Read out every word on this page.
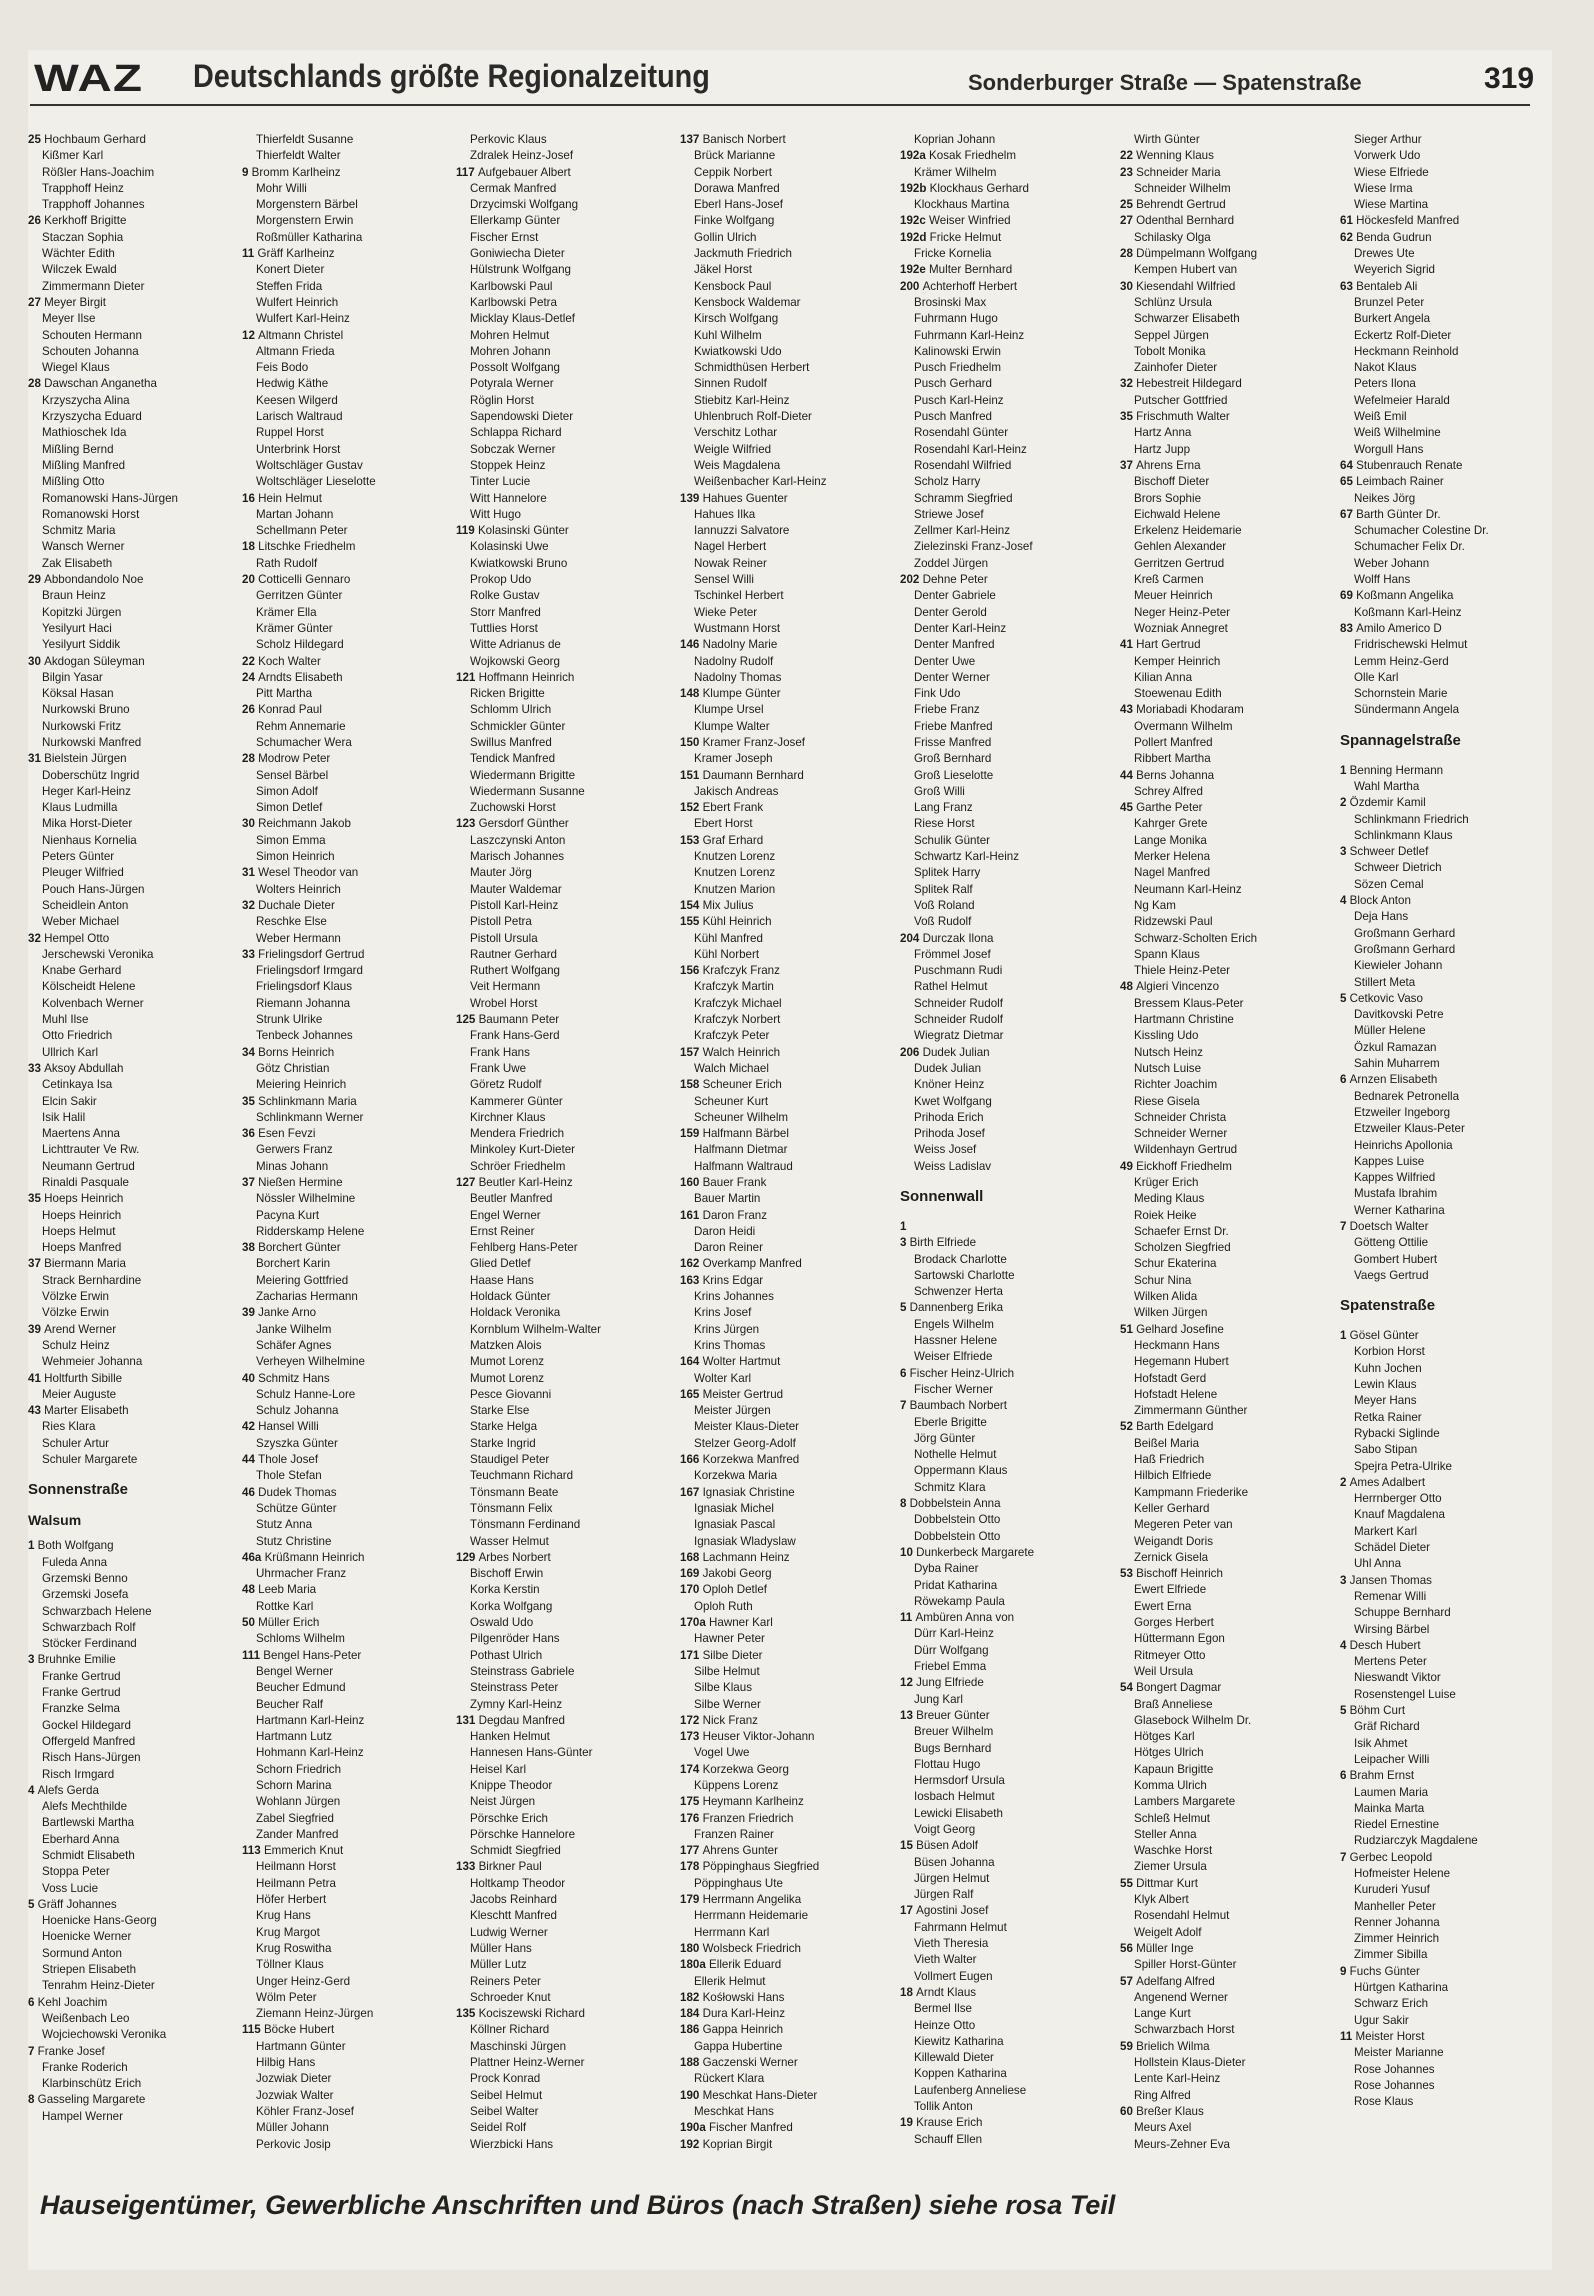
WAZ Deutschlands größte Regionalzeitung	Sonderburger Straße — Spatenstraße	319
25 Hochbaum Gerhard
Kißmer Karl
Rößler Hans-Joachim
Trapphoff Heinz
Trapphoff Johannes
26 Kerkhoff Brigitte
Staczan Sophia
Wächter Edith
Wilczek Ewald
Zimmermann Dieter
27 Meyer Birgit
Meyer Ilse
Schouten Hermann
Schouten Johanna
Wiegel Klaus
28 Dawschan Anganetha
Krzyszycha Alina
Krzyszycha Eduard
Mathioschek Ida
Mißling Bernd
Mißling Manfred
Mißling Otto
Romanowski Hans-Jürgen
Romanowski Horst
Schmitz Maria
Wansch Werner
Zak Elisabeth
29 Abbondandolo Noe
Braun Heinz
Kopitzki Jürgen
Yesilyurt Haci
Yesilyurt Siddik
30 Akdogan Süleyman
Bilgin Yasar
Köksal Hasan
Nurkowski Bruno
Nurkowski Fritz
Nurkowski Manfred
31 Bielstein Jürgen
Doberschütz Ingrid
Heger Karl-Heinz
Klaus Ludmilla
Mika Horst-Dieter
Nienhaus Kornelia
Peters Günter
Pleuger Wilfried
Pouch Hans-Jürgen
Scheidlein Anton
Weber Michael
32 Hempel Otto
Jerschewski Veronika
Knabe Gerhard
Kölscheidt Helene
Kolvenbach Werner
Muhl Ilse
Otto Friedrich
Ullrich Karl
33 Aksoy Abdullah
Cetinkaya Isa
Elcin Sakir
Isik Halil
Maertens Anna
Lichttrauter Ve Rw.
Neumann Gertrud
Rinaldi Pasquale
35 Hoeps Heinrich
Hoeps Heinrich
Hoeps Helmut
Hoeps Manfred
37 Biermann Maria
Strack Bernhardine
Völzke Erwin
Völzke Erwin
39 Arend Werner
Schulz Heinz
Wehmeier Johanna
41 Holtfurth Sibille
Meier Auguste
43 Marter Elisabeth
Ries Klara
Schuler Artur
Schuler Margarete
Sonnenstraße
Walsum
1 Both Wolfgang
Fuleda Anna
Grzemski Benno
Grzemski Josefa
Schwarzbach Helene
Schwarzbach Rolf
Stöcker Ferdinand
3 Bruhnke Emilie
Franke Gertrud
Franke Gertrud
Franzke Selma
Gockel Hildegard
Offergeld Manfred
Risch Hans-Jürgen
Risch Irmgard
4 Alefs Gerda
Alefs Mechthilde
Bartlewski Martha
Eberhard Anna
Schmidt Elisabeth
Stoppa Peter
Voss Lucie
5 Gräff Johannes
Hoenicke Hans-Georg
Hoenicke Werner
Sormund Anton
Striepen Elisabeth
Tenrahm Heinz-Dieter
6 Kehl Joachim
Weißenbach Leo
Wojciechowski Veronika
7 Franke Josef
Franke Roderich
Klarbinschütz Erich
8 Gasseling Margarete
Hampel Werner
Thierfeldt Susanne
Thierfeldt Walter
9 Bromm Karlheinz
Mohr Willi
Morgenstern Bärbel
Morgenstern Erwin
Roßmüller Katharina
11 Gräff Karlheinz
Konert Dieter
Steffen Frida
Wulfert Heinrich
Wulfert Karl-Heinz
12 Altmann Christel
Altmann Frieda
Feis Bodo
Hedwig Käthe
Keesen Wilgerd
Larisch Waltraud
Ruppel Horst
Unterbrink Horst
Woltschläger Gustav
Woltschläger Lieselotte
16 Hein Helmut
Martan Johann
Schellmann Peter
18 Litschke Friedhelm
Rath Rudolf
20 Cotticelli Gennaro
Gerritzen Günter
Krämer Ella
Krämer Günter
Scholz Hildegard
22 Koch Walter
24 Arndts Elisabeth
Pitt Martha
26 Konrad Paul
Rehm Annemarie
Schumacher Wera
28 Modrow Peter
Sensel Bärbel
Simon Adolf
Simon Detlef
30 Reichmann Jakob
Simon Emma
Simon Heinrich
31 Wesel Theodor van
Wolters Heinrich
32 Duchale Dieter
Reschke Else
Weber Hermann
33 Frielingsdorf Gertrud
Frielingsdorf Irmgard
Frielingsdorf Klaus
Riemann Johanna
Strunk Ulrike
Tenbeck Johannes
34 Borns Heinrich
Götz Christian
Meiering Heinrich
35 Schlinkmann Maria
Schlinkmann Werner
36 Esen Fevzi
Gerwers Franz
Minas Johann
37 Nießen Hermine
Nössler Wilhelmine
Pacyna Kurt
Ridderskamp Helene
38 Borchert Günter
Borchert Karin
Meiering Gottfried
Zacharias Hermann
39 Janke Arno
Janke Wilhelm
Schäfer Agnes
Verheyen Wilhelmine
40 Schmitz Hans
Schulz Hanne-Lore
Schulz Johanna
42 Hansel Willi
Szyszka Günter
44 Thole Josef
Thole Stefan
46 Dudek Thomas
Schütze Günter
Stutz Anna
Stutz Christine
46a Krüßmann Heinrich
Uhrmacher Franz
48 Leeb Maria
Rottke Karl
50 Müller Erich
Schloms Wilhelm
111 Bengel Hans-Peter
Bengel Werner
Beucher Edmund
Beucher Ralf
Hartmann Karl-Heinz
Hartmann Lutz
Hohmann Karl-Heinz
Schorn Friedrich
Schorn Marina
Wohlann Jürgen
Zabel Siegfried
Zander Manfred
113 Emmerich Knut
Heilmann Horst
Heilmann Petra
Höfer Herbert
Krug Hans
Krug Margot
Krug Roswitha
Töllner Klaus
Unger Heinz-Gerd
Wölm Peter
Ziemann Heinz-Jürgen
115 Böcke Hubert
Hartmann Günter
Hilbig Hans
Jozwiak Dieter
Jozwiak Walter
Köhler Franz-Josef
Müller Johann
Perkovic Josip
Perkovic Klaus
Zdralek Heinz-Josef
117 Aufgebauer Albert
Cermak Manfred
Drzycimski Wolfgang
Ellerkamp Günter
Fischer Ernst
Goniwiecha Dieter
Hülstrunk Wolfgang
Karlbowski Paul
Karlbowski Petra
Micklay Klaus-Detlef
Mohren Helmut
Mohren Johann
Possolt Wolfgang
Potyrala Werner
Röglin Horst
Sapendowski Dieter
Schlappa Richard
Sobczak Werner
Stoppek Heinz
Tinter Lucie
Witt Hannelore
Witt Hugo
119 Kolasinski Günter
Kolasinski Uwe
Kwiatkowski Bruno
Prokop Udo
Rolke Gustav
Storr Manfred
Tuttlies Horst
Witte Adrianus de
Wojkowski Georg
121 Hoffmann Heinrich
Ricken Brigitte
Schlomm Ulrich
Schmickler Günter
Swillus Manfred
Tendick Manfred
Wiedermann Brigitte
Wiedermann Susanne
Zuchowski Horst
123 Gersdorf Günther
Laszczynski Anton
Marisch Johannes
Mauter Jörg
Mauter Waldemar
Pistoll Karl-Heinz
Pistoll Petra
Pistoll Ursula
Rautner Gerhard
Ruthert Wolfgang
Veit Hermann
Wrobel Horst
125 Baumann Peter
Frank Hans-Gerd
Frank Hans
Frank Uwe
Göretz Rudolf
Kammerer Günter
Kirchner Klaus
Mendera Friedrich
Minkoley Kurt-Dieter
Schröer Friedhelm
127 Beutler Karl-Heinz
Beutler Manfred
Engel Werner
Ernst Reiner
Fehlberg Hans-Peter
Glied Detlef
Haase Hans
Holdack Günter
Holdack Veronika
Kornblum Wilhelm-Walter
Matzken Alois
Mumot Lorenz
Mumot Lorenz
Pesce Giovanni
Starke Else
Starke Helga
Starke Ingrid
Staudigel Peter
Teuchmann Richard
Tönsmann Beate
Tönsmann Felix
Tönsmann Ferdinand
Wasser Helmut
129 Arbes Norbert
Bischoff Erwin
Korka Kerstin
Korka Wolfgang
Oswald Udo
Pilgenröder Hans
Pothast Ulrich
Steinstrass Gabriele
Steinstrass Peter
Zymny Karl-Heinz
131 Degdau Manfred
Hanken Helmut
Hannesen Hans-Günter
Heisel Karl
Knippe Theodor
Neist Jürgen
Pörschke Erich
Pörschke Hannelore
Schmidt Siegfried
133 Birkner Paul
Holtkamp Theodor
Jacobs Reinhard
Kleschtt Manfred
Ludwig Werner
Müller Hans
Müller Lutz
Reiners Peter
Schroeder Knut
135 Kociszewski Richard
Köllner Richard
Maschinski Jürgen
Plattner Heinz-Werner
Prock Konrad
Seibel Helmut
Seibel Walter
Seidel Rolf
Wierzbicki Hans
137 Banisch Norbert
Brück Marianne
Ceppik Norbert
Dorawa Manfred
Eberl Hans-Josef
Finke Wolfgang
Gollin Ulrich
Jackmuth Friedrich
Jäkel Horst
Kensbock Paul
Kensbock Waldemar
Kirsch Wolfgang
Kuhl Wilhelm
Kwiatkowski Udo
Schmidthüsen Herbert
Sinnen Rudolf
Stiebitz Karl-Heinz
Uhlenbruch Rolf-Dieter
Verschitz Lothar
Weigle Wilfried
Weis Magdalena
Weißenbacher Karl-Heinz
139 Hahues Guenter
Hahues Ilka
Iannuzzi Salvatore
Nagel Herbert
Nowak Reiner
Sensel Willi
Tschinkel Herbert
Wieke Peter
Wustmann Horst
146 Nadolny Marie
Nadolny Rudolf
Nadolny Thomas
148 Klumpe Günter
Klumpe Ursel
Klumpe Walter
150 Kramer Franz-Josef
Kramer Joseph
151 Daumann Bernhard
Jakisch Andreas
152 Ebert Frank
Ebert Horst
153 Graf Erhard
Knutzen Lorenz
Knutzen Lorenz
Knutzen Marion
154 Mix Julius
155 Kühl Heinrich
Kühl Manfred
Kühl Norbert
156 Krafczyk Franz
Krafczyk Martin
Krafczyk Michael
Krafczyk Norbert
Krafczyk Peter
157 Walch Heinrich
Walch Michael
158 Scheuner Erich
Scheuner Kurt
Scheuner Wilhelm
159 Halfmann Bärbel
Halfmann Dietmar
Halfmann Waltraud
160 Bauer Frank
Bauer Martin
161 Daron Franz
Daron Heidi
Daron Reiner
162 Overkamp Manfred
163 Krins Edgar
Krins Johannes
Krins Josef
Krins Jürgen
Krins Thomas
164 Wolter Hartmut
Wolter Karl
165 Meister Gertrud
Meister Jürgen
Meister Klaus-Dieter
Stelzer Georg-Adolf
166 Korzekwa Manfred
Korzekwa Maria
167 Ignasiak Christine
Ignasiak Michel
Ignasiak Pascal
Ignasiak Wladyslaw
168 Lachmann Heinz
169 Jakobi Georg
170 Oploh Detlef
Oploh Ruth
170a Hawner Karl
Hawner Peter
171 Silbe Dieter
Silbe Helmut
Silbe Klaus
Silbe Werner
172 Nick Franz
173 Heuser Viktor-Johann
Vogel Uwe
174 Korzekwa Georg
Küppens Lorenz
175 Heymann Karlheinz
176 Franzen Friedrich
Franzen Rainer
177 Ahrens Gunter
178 Pöppinghaus Siegfried
Pöppinghaus Ute
179 Herrmann Angelika
Herrmann Heidemarie
Herrmann Karl
180 Wolsbeck Friedrich
180a Ellerik Eduard
Ellerik Helmut
182 Kośłowski Hans
184 Dura Karl-Heinz
186 Gappa Heinrich
Gappa Hubertine
188 Gaczenski Werner
Rückert Klara
190 Meschkat Hans-Dieter
Meschkat Hans
190a Fischer Manfred
192 Koprian Birgit
Koprian Johann
192a Kosak Friedhelm
Krämer Wilhelm
192b Klockhaus Gerhard
Klockhaus Martina
192c Weiser Winfried
192d Fricke Helmut
Fricke Kornelia
192e Multer Bernhard
200 Achterhoff Herbert
Brosinski Max
Fuhrmann Hugo
Fuhrmann Karl-Heinz
Kalinowski Erwin
Pusch Friedhelm
Pusch Gerhard
Pusch Karl-Heinz
Pusch Manfred
Rosendahl Günter
Rosendahl Karl-Heinz
Rosendahl Wilfried
Scholz Harry
Schramm Siegfried
Striewe Josef
Zellmer Karl-Heinz
Zielezinski Franz-Josef
Zoddel Jürgen
202 Dehne Peter
Denter Gabriele
Denter Gerold
Denter Karl-Heinz
Denter Manfred
Denter Uwe
Denter Werner
Fink Udo
Friebe Franz
Friebe Manfred
Frisse Manfred
Groß Bernhard
Groß Lieselotte
Groß Willi
Lang Franz
Riese Horst
Schulik Günter
Schwartz Karl-Heinz
Splitek Harry
Splitek Ralf
Voß Roland
Voß Rudolf
204 Durczak Ilona
Frömmel Josef
Puschmann Rudi
Rathel Helmut
Schneider Rudolf
Schneider Rudolf
Wiegratz Dietmar
206 Dudek Julian
Dudek Julian
Knöner Heinz
Kwet Wolfgang
Prihoda Erich
Prihoda Josef
Weiss Josef
Weiss Ladislav
Sonnenwall
1
3 Birth Elfriede
Brodack Charlotte
Sartowski Charlotte
Schwenzer Herta
5 Dannenberg Erika
Engels Wilhelm
Hassner Helene
Weiser Elfriede
6 Fischer Heinz-Ulrich
Fischer Werner
7 Baumbach Norbert
Eberle Brigitte
Jörg Günter
Nothelle Helmut
Oppermann Klaus
Schmitz Klara
8 Dobbelstein Anna
Dobbelstein Otto
Dobbelstein Otto
10 Dunkerbeck Margarete
Dyba Rainer
Pridat Katharina
Röwekamp Paula
11 Ambüren Anna von
Dürr Karl-Heinz
Dürr Wolfgang
Friebel Emma
12 Jung Elfriede
Jung Karl
13 Breuer Günter
Breuer Wilhelm
Bugs Bernhard
Flottau Hugo
Hermsdorf Ursula
Iosbach Helmut
Lewicki Elisabeth
Voigt Georg
15 Büsen Adolf
Büsen Johanna
Jürgen Helmut
Jürgen Ralf
17 Agostini Josef
Fahrmann Helmut
Vieth Theresia
Vieth Walter
Vollmert Eugen
18 Arndt Klaus
Bermel Ilse
Heinze Otto
Kiewitz Katharina
Killewald Dieter
Koppen Katharina
Laufenberg Anneliese
Tollik Anton
19 Krause Erich
Schauff Ellen
Wirth Günter
22 Wenning Klaus
23 Schneider Maria
Schneider Wilhelm
25 Behrendt Gertrud
27 Odenthal Bernhard
Schilasky Olga
28 Dümpelmann Wolfgang
Kempen Hubert van
30 Kiesendahl Wilfried
Schlünz Ursula
Schwarzer Elisabeth
Seppel Jürgen
Tobolt Monika
Zainhofer Dieter
32 Hebestreit Hildegard
Putscher Gottfried
35 Frischmuth Walter
Hartz Anna
Hartz Jupp
37 Ahrens Erna
Bischoff Dieter
Brors Sophie
Eichwald Helene
Erkelenz Heidemarie
Gehlen Alexander
Gerritzen Gertrud
Kreß Carmen
Meuer Heinrich
Neger Heinz-Peter
Wozniak Annegret
41 Hart Gertrud
Kemper Heinrich
Kilian Anna
Stoewenau Edith
43 Moriabadi Khodaram
Overmann Wilhelm
Pollert Manfred
Ribbert Martha
44 Berns Johanna
Schrey Alfred
45 Garthe Peter
Kahrger Grete
Lange Monika
Merker Helena
Nagel Manfred
Neumann Karl-Heinz
Ng Kam
Ridzewski Paul
Schwarz-Scholten Erich
Spann Klaus
Thiele Heinz-Peter
48 Algieri Vincenzo
Bressem Klaus-Peter
Hartmann Christine
Kissling Udo
Nutsch Heinz
Nutsch Luise
Richter Joachim
Riese Gisela
Schneider Christa
Schneider Werner
Wildenhayn Gertrud
49 Eickhoff Friedhelm
Krüger Erich
Meding Klaus
Roiek Heike
Schaefer Ernst Dr.
Scholzen Siegfried
Schur Ekaterina
Schur Nina
Wilken Alida
Wilken Jürgen
51 Gelhard Josefine
Heckmann Hans
Hegemann Hubert
Hofstadt Gerd
Hofstadt Helene
Zimmermann Günther
52 Barth Edelgard
Beißel Maria
Haß Friedrich
Hilbich Elfriede
Kampmann Friederike
Keller Gerhard
Megeren Peter van
Weigandt Doris
Zernick Gisela
53 Bischoff Heinrich
Ewert Elfriede
Ewert Erna
Gorges Herbert
Hüttermann Egon
Ritmeyer Otto
Weil Ursula
54 Bongert Dagmar
Braß Anneliese
Glasebock Wilhelm Dr.
Hötges Karl
Hötges Ulrich
Kapaun Brigitte
Komma Ulrich
Lambers Margarete
Schleß Helmut
Steller Anna
Waschke Horst
Ziemer Ursula
55 Dittmar Kurt
Klyk Albert
Rosendahl Helmut
Weigelt Adolf
56 Müller Inge
Spiller Horst-Günter
57 Adelfang Alfred
Angenend Werner
Lange Kurt
Schwarzbach Horst
59 Brielich Wilma
Hollstein Klaus-Dieter
Lente Karl-Heinz
Ring Alfred
60 Breßer Klaus
Meurs Axel
Meurs-Zehner Eva
Sieger Arthur
Vorwerk Udo
Wiese Elfriede
Wiese Irma
Wiese Martina
61 Höckesfeld Manfred
62 Benda Gudrun
Drewes Ute
Weyerich Sigrid
63 Bentaleb Ali
Brunzel Peter
Burkert Angela
Eckertz Rolf-Dieter
Heckmann Reinhold
Nakot Klaus
Peters Ilona
Wefelmeier Harald
Weiß Emil
Weiß Wilhelmine
Worgull Hans
64 Stubenrauch Renate
65 Leimbach Rainer
Neikes Jörg
67 Barth Günter Dr.
Schumacher Colestine Dr.
Schumacher Felix Dr.
Weber Johann
Wolff Hans
69 Koßmann Angelika
Koßmann Karl-Heinz
83 Amilo Americo D
Fridrischewski Helmut
Lemm Heinz-Gerd
Olle Karl
Schornstein Marie
Sündermann Angela
Spannagelstraße
1 Benning Hermann
Wahl Martha
2 Özdemir Kamil
Schlinkmann Friedrich
Schlinkmann Klaus
3 Schweer Detlef
Schweer Dietrich
Sözen Cemal
4 Block Anton
Deja Hans
Großmann Gerhard
Großmann Gerhard
Kiewieler Johann
Stillert Meta
5 Cetkovic Vaso
Davitkovski Petre
Müller Helene
Özkul Ramazan
Sahin Muharrem
6 Arnzen Elisabeth
Bednarek Petronella
Etzweiler Ingeborg
Etzweiler Klaus-Peter
Heinrichs Apollonia
Kappes Luise
Kappes Wilfried
Mustafa Ibrahim
Werner Katharina
7 Doetsch Walter
Götteng Ottilie
Gombert Hubert
Vaegs Gertrud
Spatenstraße
1 Gösel Günter
Korbion Horst
Kuhn Jochen
Lewin Klaus
Meyer Hans
Retka Rainer
Rybacki Siglinde
Sabo Stipan
Spejra Petra-Ulrike
2 Ames Adalbert
Herrnberger Otto
Knauf Magdalena
Markert Karl
Schädel Dieter
Uhl Anna
3 Jansen Thomas
Remenar Willi
Schuppe Bernhard
Wirsing Bärbel
4 Desch Hubert
Mertens Peter
Nieswandt Viktor
Rosenstengel Luise
5 Böhm Curt
Gräf Richard
Isik Ahmet
Leipacher Willi
6 Brahm Ernst
Laumen Maria
Mainka Marta
Riedel Ernestine
Rudziarczyk Magdalene
7 Gerbec Leopold
Hofmeister Helene
Kuruderi Yusuf
Manheller Peter
Renner Johanna
Zimmer Heinrich
Zimmer Sibilla
9 Fuchs Günter
Hürtgen Katharina
Schwarz Erich
Ugur Sakir
11 Meister Horst
Meister Marianne
Rose Johannes
Rose Johannes
Rose Klaus
Hauseigentümer, Gewerbliche Anschriften und Büros (nach Straßen) siehe rosa Teil
